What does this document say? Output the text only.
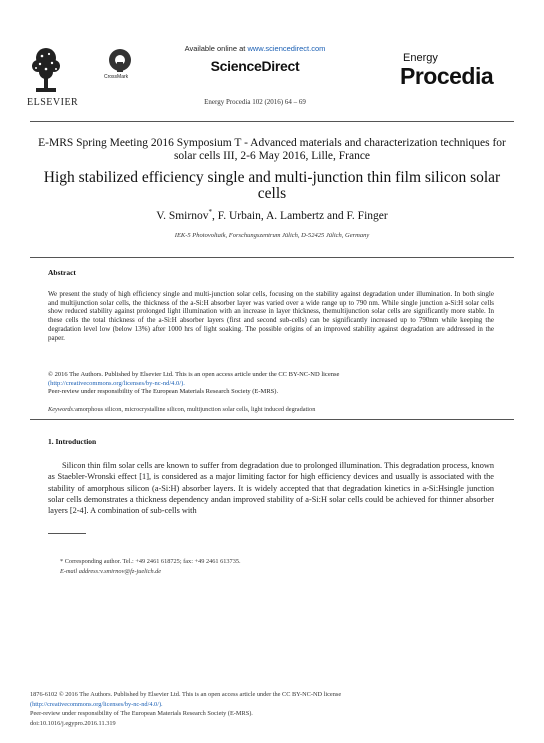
ELSEVIER
CrossMark
Available online at www.sciencedirect.com
ScienceDirect
Energy Procedia 102 (2016) 64 – 69
Energy
Procedia
E-MRS Spring Meeting 2016 Symposium T - Advanced materials and characterization techniques for solar cells III, 2-6 May 2016, Lille, France
High stabilized efficiency single and multi-junction thin film silicon solar cells
V. Smirnov*, F. Urbain, A. Lambertz and F. Finger
IEK-5 Photovoltaik, Forschungszentrum Jülich, D-52425 Jülich, Germany
Abstract
We present the study of high efficiency single and multi-junction solar cells, focusing on the stability against degradation under illumination. In both single and multijunction solar cells, the thickness of the a-Si:H absorber layer was varied over a wide range up to 790 nm. While single junction a-Si:H solar cells show reduced stability against prolonged light illumination with an increase in layer thickness, themultijunction solar cells are significantly more stable. In these cells the total thickness of the a-Si:H absorber layers (first and second sub-cells) can be significantly increased up to 790nm while keeping the degradation level low (below 13%) after 1000 hrs of light soaking. The possible origins of an improved stability against degradation are addressed in the paper.
© 2016 The Authors. Published by Elsevier Ltd. This is an open access article under the CC BY-NC-ND license
(http://creativecommons.org/licenses/by-nc-nd/4.0/).
Peer-review under responsibility of The European Materials Research Society (E-MRS).
Keywords:amorphous silicon, microcrystalline silicon, multijunction solar cells, light induced degradation
1. Introduction
Silicon thin film solar cells are known to suffer from degradation due to prolonged illumination. This degradation process, known as Staebler-Wronski effect [1], is considered as a major limiting factor for high efficiency devices and usually is associated with the stability of amorphous silicon (a-Si:H) absorber layers. It is widely accepted that that degradation kinetics in a-Si:Hsingle junction solar cells demonstrates a thickness dependency andan improved stability of a-Si:H solar cells could be achieved for thinner absorber layers [2-4]. A combination of sub-cells with
* Corresponding author. Tel.: +49 2461 618725; fax: +49 2461 613735.
E-mail address:v.smirnov@fz-juelich.de
1876-6102 © 2016 The Authors. Published by Elsevier Ltd. This is an open access article under the CC BY-NC-ND license
(http://creativecommons.org/licenses/by-nc-nd/4.0/).
Peer-review under responsibility of The European Materials Research Society (E-MRS).
doi:10.1016/j.egypro.2016.11.319
